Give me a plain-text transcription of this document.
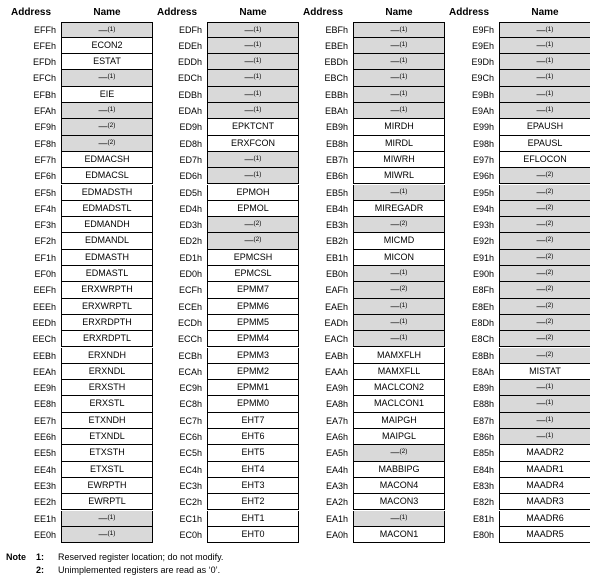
Address	Name
EFFh	—$^{(1)}$
EFEh	ECON2
EFDh	ESTAT
EFCh	—$^{(1)}$
EFBh	EIE
EFAh	—$^{(1)}$
EF9h	—$^{(2)}$
EF8h	—$^{(2)}$
EF7h	EDMACSH
EF6h	EDMACSL
EF5h	EDMADSTH
EF4h	EDMADSTL
EF3h	EDMANDH
EF2h	EDMANDL
EF1h	EDMASTH
EF0h	EDMASTL
EEFh	ERXWRPTH
EEEh	ERXWRPTL
EEDh	ERXRDPTH
EECh	ERXRDPTL
EEBh	ERXNDH
EEAh	ERXNDL
EE9h	ERXSTH
EE8h	ERXSTL
EE7h	ETXNDH
EE6h	ETXNDL
EE5h	ETXSTH
EE4h	ETXSTL
EE3h	EWRPTH
EE2h	EWRPTL
EE1h	—$^{(1)}$
EE0h	—$^{(1)}$
Address	Name
EDFh	—$^{(1)}$
EDEh	—$^{(1)}$
EDDh	—$^{(1)}$
EDCh	—$^{(1)}$
EDBh	—$^{(1)}$
EDAh	—$^{(1)}$
ED9h	EPKTCNT
ED8h	ERXFCON
ED7h	—$^{(1)}$
ED6h	—$^{(1)}$
ED5h	EPMOH
ED4h	EPMOL
ED3h	—$^{(2)}$
ED2h	—$^{(2)}$
ED1h	EPMCSH
ED0h	EPMCSL
ECFh	EPMM7
ECEh	EPMM6
ECDh	EPMM5
ECCh	EPMM4
ECBh	EPMM3
ECAh	EPMM2
EC9h	EPMM1
EC8h	EPMM0
EC7h	EHT7
EC6h	EHT6
EC5h	EHT5
EC4h	EHT4
EC3h	EHT3
EC2h	EHT2
EC1h	EHT1
EC0h	EHT0
Address	Name
EBFh	—$^{(1)}$
EBEh	—$^{(1)}$
EBDh	—$^{(1)}$
EBCh	—$^{(1)}$
EBBh	—$^{(1)}$
EBAh	—$^{(1)}$
EB9h	MIRDH
EB8h	MIRDL
EB7h	MIWRH
EB6h	MIWRL
EB5h	—$^{(1)}$
EB4h	MIREGADR
EB3h	—$^{(2)}$
EB2h	MICMD
EB1h	MICON
EB0h	—$^{(1)}$
EAFh	—$^{(2)}$
EAEh	—$^{(1)}$
EADh	—$^{(1)}$
EACh	—$^{(1)}$
EABh	MAMXFLH
EAAh	MAMXFLL
EA9h	MACLCON2
EA8h	MACLCON1
EA7h	MAIPGH
EA6h	MAIPGL
EA5h	—$^{(2)}$
EA4h	MABBIPG
EA3h	MACON4
EA2h	MACON3
EA1h	—$^{(1)}$
EA0h	MACON1
Address	Name
E9Fh	—$^{(1)}$
E9Eh	—$^{(1)}$
E9Dh	—$^{(1)}$
E9Ch	—$^{(1)}$
E9Bh	—$^{(1)}$
E9Ah	—$^{(1)}$
E99h	EPAUSH
E98h	EPAUSL
E97h	EFLOCON
E96h	—$^{(2)}$
E95h	—$^{(2)}$
E94h	—$^{(2)}$
E93h	—$^{(2)}$
E92h	—$^{(2)}$
E91h	—$^{(2)}$
E90h	—$^{(2)}$
E8Fh	—$^{(2)}$
E8Eh	—$^{(2)}$
E8Dh	—$^{(2)}$
E8Ch	—$^{(2)}$
E8Bh	—$^{(2)}$
E8Ah	MISTAT
E89h	—$^{(1)}$
E88h	—$^{(1)}$
E87h	—$^{(1)}$
E86h	—$^{(1)}$
E85h	MAADR2
E84h	MAADR1
E83h	MAADR4
E82h	MAADR3
E81h	MAADR6
E80h	MAADR5
Note 1: Reserved register location; do not modify.
2: Unimplemented registers are read as ‘0’.
